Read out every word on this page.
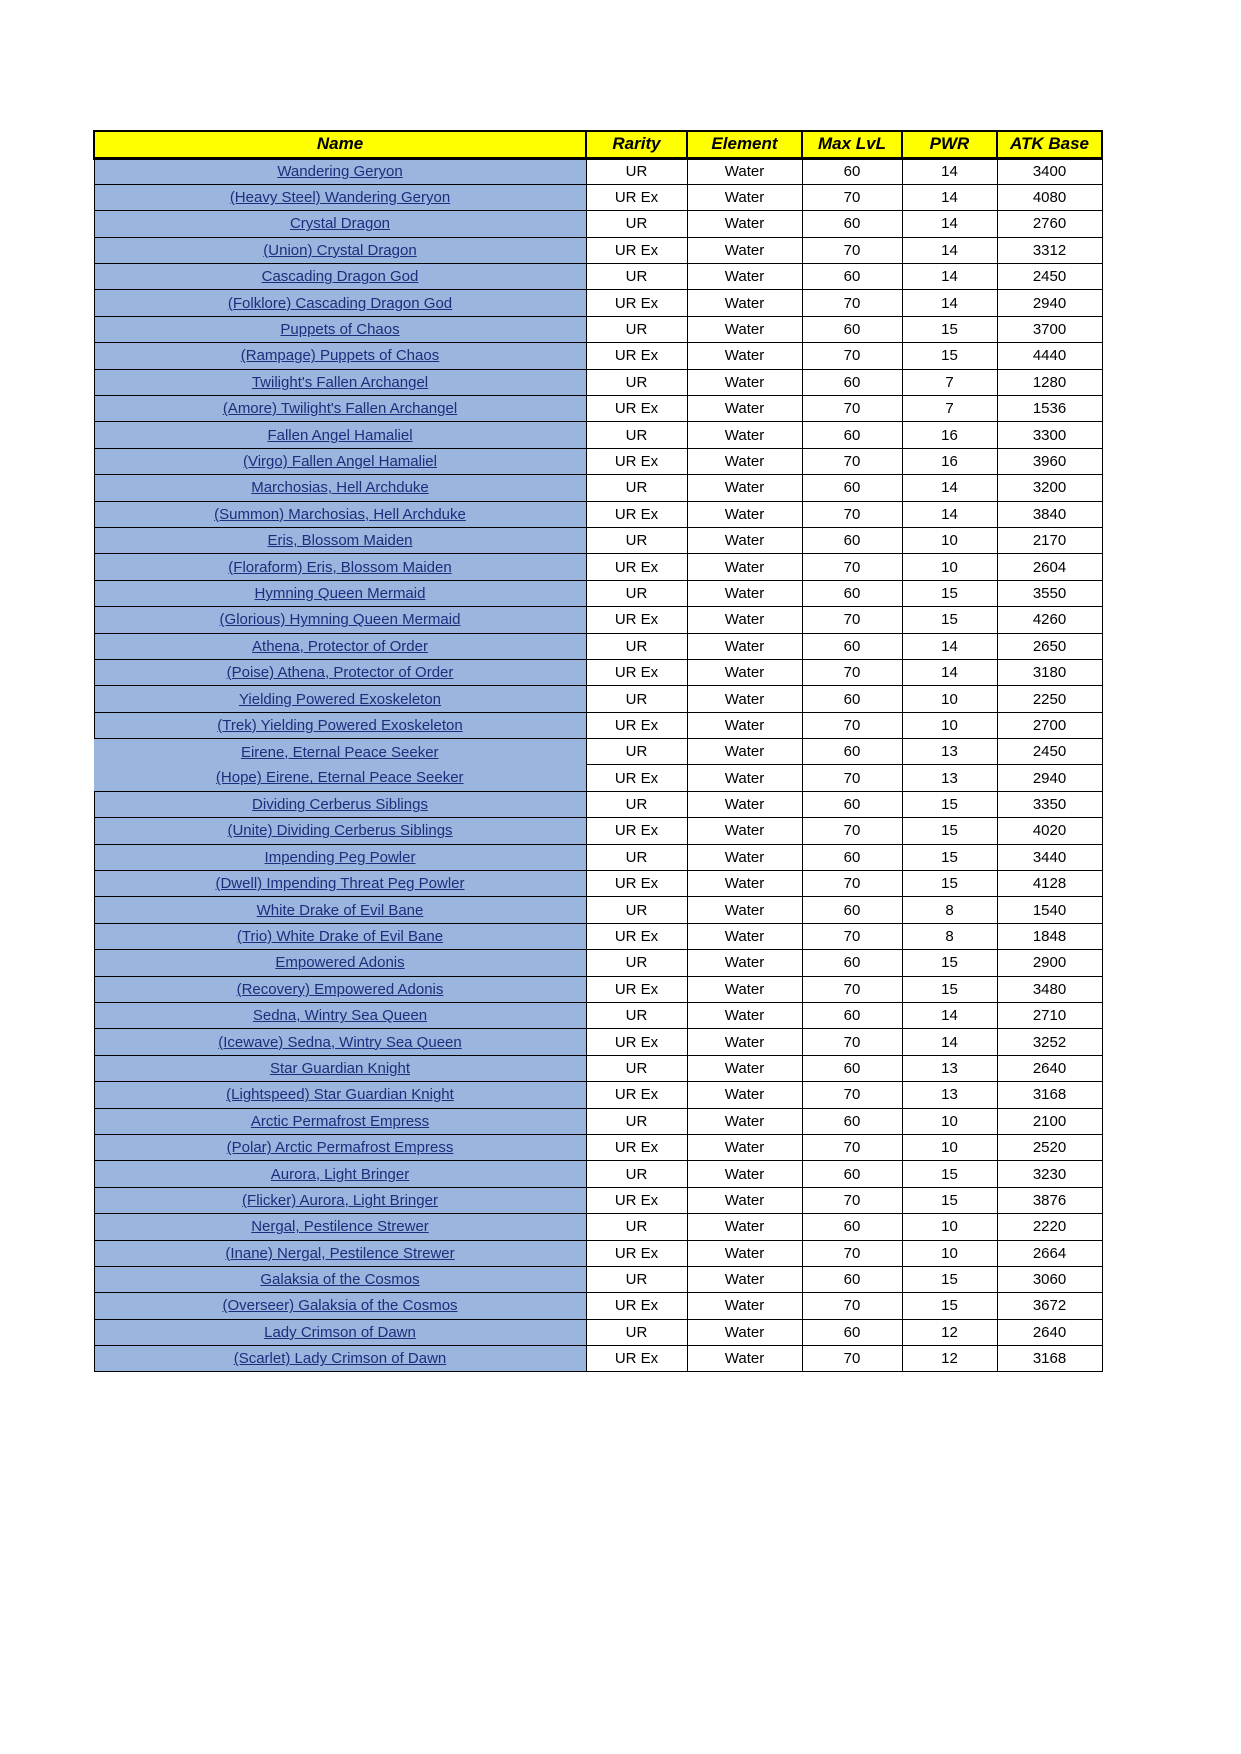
Name	Rarity	Element	Max LvL	PWR	ATK Base
Wandering Geryon	UR	Water	60	14	3400
(Heavy Steel) Wandering Geryon	UR Ex	Water	70	14	4080
Crystal Dragon	UR	Water	60	14	2760
(Union) Crystal Dragon	UR Ex	Water	70	14	3312
Cascading Dragon God	UR	Water	60	14	2450
(Folklore) Cascading Dragon God	UR Ex	Water	70	14	2940
Puppets of Chaos	UR	Water	60	15	3700
(Rampage) Puppets of Chaos	UR Ex	Water	70	15	4440
Twilight's Fallen Archangel	UR	Water	60	7	1280
(Amore) Twilight's Fallen Archangel	UR Ex	Water	70	7	1536
Fallen Angel Hamaliel	UR	Water	60	16	3300
(Virgo) Fallen Angel Hamaliel	UR Ex	Water	70	16	3960
Marchosias, Hell Archduke	UR	Water	60	14	3200
(Summon) Marchosias, Hell Archduke	UR Ex	Water	70	14	3840
Eris, Blossom Maiden	UR	Water	60	10	2170
(Floraform) Eris, Blossom Maiden	UR Ex	Water	70	10	2604
Hymning Queen Mermaid	UR	Water	60	15	3550
(Glorious) Hymning Queen Mermaid	UR Ex	Water	70	15	4260
Athena, Protector of Order	UR	Water	60	14	2650
(Poise) Athena, Protector of Order	UR Ex	Water	70	14	3180
Yielding Powered Exoskeleton	UR	Water	60	10	2250
(Trek) Yielding Powered Exoskeleton	UR Ex	Water	70	10	2700
Eirene, Eternal Peace Seeker	UR	Water	60	13	2450
(Hope) Eirene, Eternal Peace Seeker	UR Ex	Water	70	13	2940
Dividing Cerberus Siblings	UR	Water	60	15	3350
(Unite) Dividing Cerberus Siblings	UR Ex	Water	70	15	4020
Impending Peg Powler	UR	Water	60	15	3440
(Dwell) Impending Threat Peg Powler	UR Ex	Water	70	15	4128
White Drake of Evil Bane	UR	Water	60	8	1540
(Trio) White Drake of Evil Bane	UR Ex	Water	70	8	1848
Empowered Adonis	UR	Water	60	15	2900
(Recovery) Empowered Adonis	UR Ex	Water	70	15	3480
Sedna, Wintry Sea Queen	UR	Water	60	14	2710
(Icewave) Sedna, Wintry Sea Queen	UR Ex	Water	70	14	3252
Star Guardian Knight	UR	Water	60	13	2640
(Lightspeed) Star Guardian Knight	UR Ex	Water	70	13	3168
Arctic Permafrost Empress	UR	Water	60	10	2100
(Polar) Arctic Permafrost Empress	UR Ex	Water	70	10	2520
Aurora, Light Bringer	UR	Water	60	15	3230
(Flicker) Aurora, Light Bringer	UR Ex	Water	70	15	3876
Nergal, Pestilence Strewer	UR	Water	60	10	2220
(Inane) Nergal, Pestilence Strewer	UR Ex	Water	70	10	2664
Galaksia of the Cosmos	UR	Water	60	15	3060
(Overseer) Galaksia of the Cosmos	UR Ex	Water	70	15	3672
Lady Crimson of Dawn	UR	Water	60	12	2640
(Scarlet) Lady Crimson of Dawn	UR Ex	Water	70	12	3168
